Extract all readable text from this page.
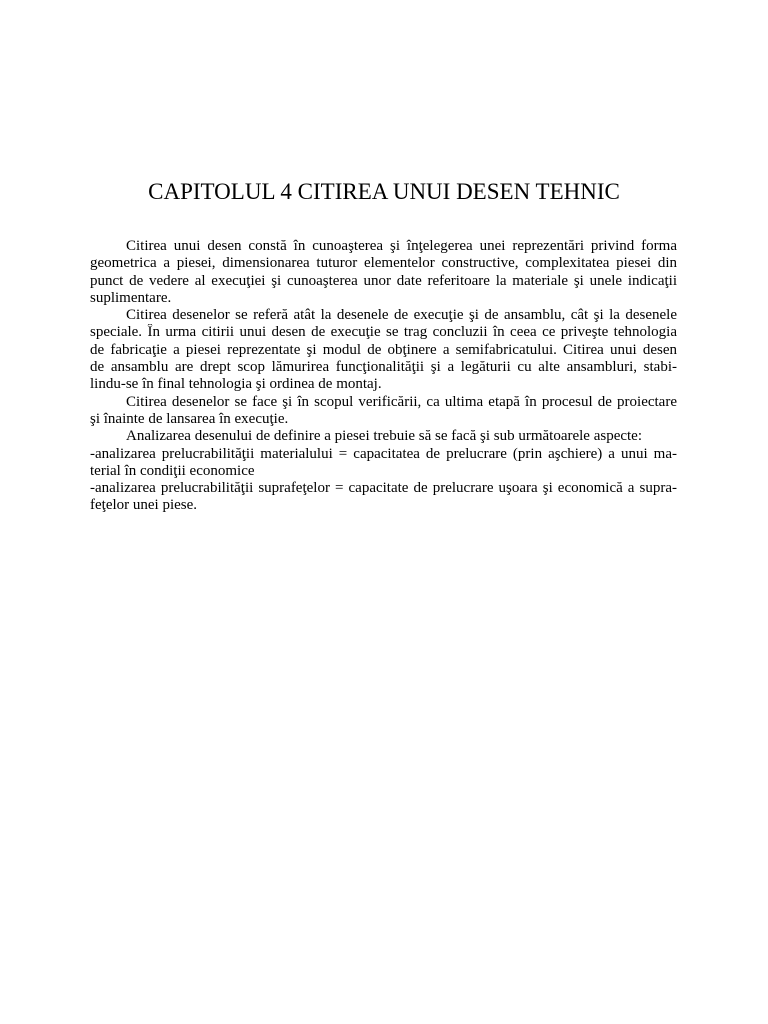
CAPITOLUL 4 CITIREA UNUI DESEN TEHNIC
Citirea unui desen constă în cunoaşterea şi înţelegerea unei reprezentări privind forma
geometrica a piesei, dimensionarea tuturor elementelor constructive, complexitatea piesei din
punct de vedere al execuţiei şi cunoaşterea unor date referitoare la materiale şi unele indicaţii
suplimentare.
Citirea desenelor se referă atât la desenele de execuţie şi de ansamblu, cât şi la desenele
speciale. În urma citirii unui desen de execuţie se trag concluzii în ceea ce priveşte tehnologia
de fabricaţie a piesei reprezentate şi modul de obţinere a semifabricatului. Citirea unui desen
de ansamblu are drept scop lămurirea funcţionalităţii şi a legăturii cu alte ansambluri, stabi-
lindu-se în final tehnologia şi ordinea de montaj.
Citirea desenelor se face şi în scopul verificării, ca ultima etapă în procesul de proiectare
şi înainte de lansarea în execuţie.
Analizarea desenului de definire a piesei trebuie să se facă şi sub următoarele aspecte:
-analizarea prelucrabilităţii materialului = capacitatea de prelucrare (prin aşchiere) a unui ma-
terial în condiţii economice
-analizarea prelucrabilităţii suprafeţelor = capacitate de prelucrare uşoara şi economică a supra-
feţelor unei piese.
